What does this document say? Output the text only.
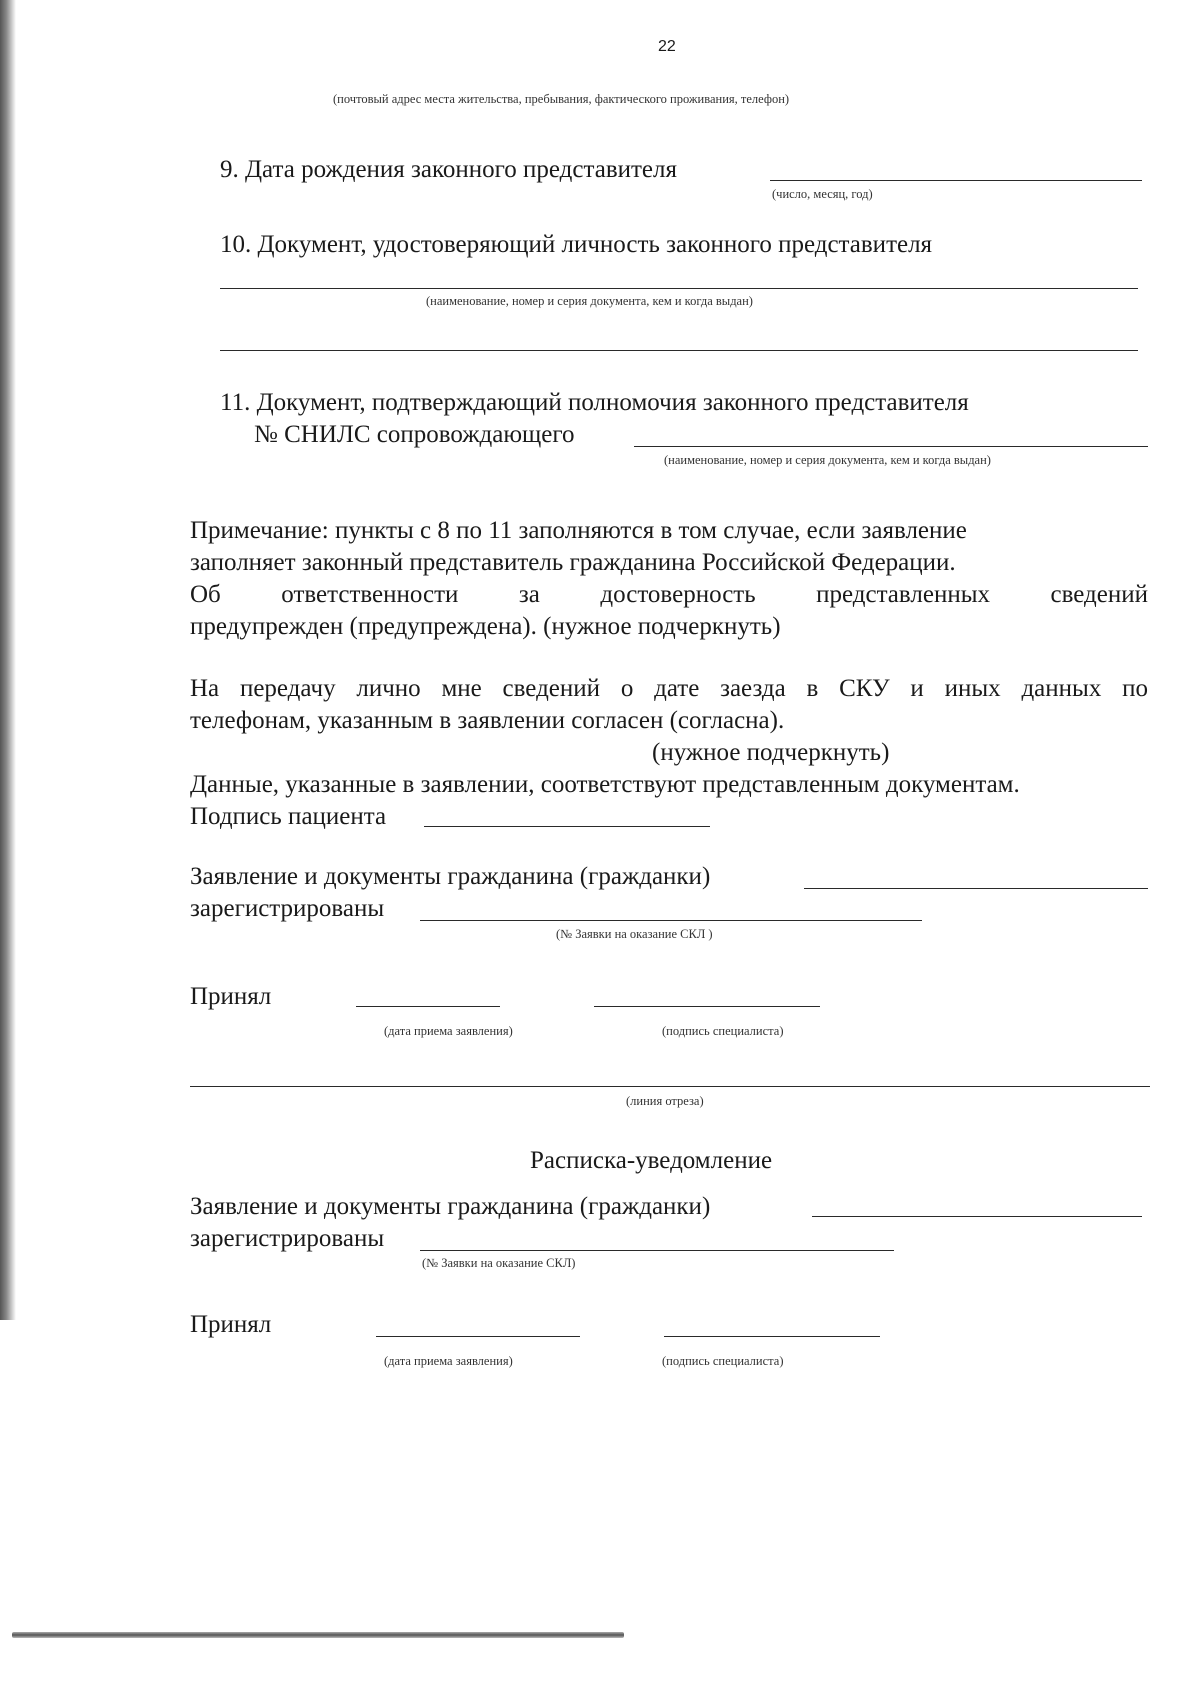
22
(почтовый адрес места жительства, пребывания, фактического проживания, телефон)
9. Дата рождения законного представителя
(число, месяц, год)
10. Документ, удостоверяющий личность законного представителя
(наименование, номер и серия документа, кем и когда выдан)
11. Документ, подтверждающий полномочия законного представителя
№ СНИЛС сопровождающего
(наименование, номер и серия документа, кем и когда выдан)
Примечание: пункты с 8 по 11 заполняются в том случае, если заявление
заполняет законный представитель гражданина Российской Федерации.
Об ответственности за достоверность представленных сведений
предупрежден (предупреждена). (нужное подчеркнуть)
На передачу лично мне сведений о дате заезда в СКУ и иных данных по
телефонам, указанным в заявлении согласен (согласна).
(нужное подчеркнуть)
Данные, указанные в заявлении, соответствуют представленным документам.
Подпись пациента
Заявление и документы гражданина (гражданки)
зарегистрированы
(№ Заявки на оказание СКЛ )
Принял
(дата приема заявления)	(подпись специалиста)
(линия отреза)
Расписка-уведомление
Заявление и документы гражданина (гражданки)
зарегистрированы
(№ Заявки на оказание СКЛ)
Принял
(дата приема заявления)	(подпись специалиста)
